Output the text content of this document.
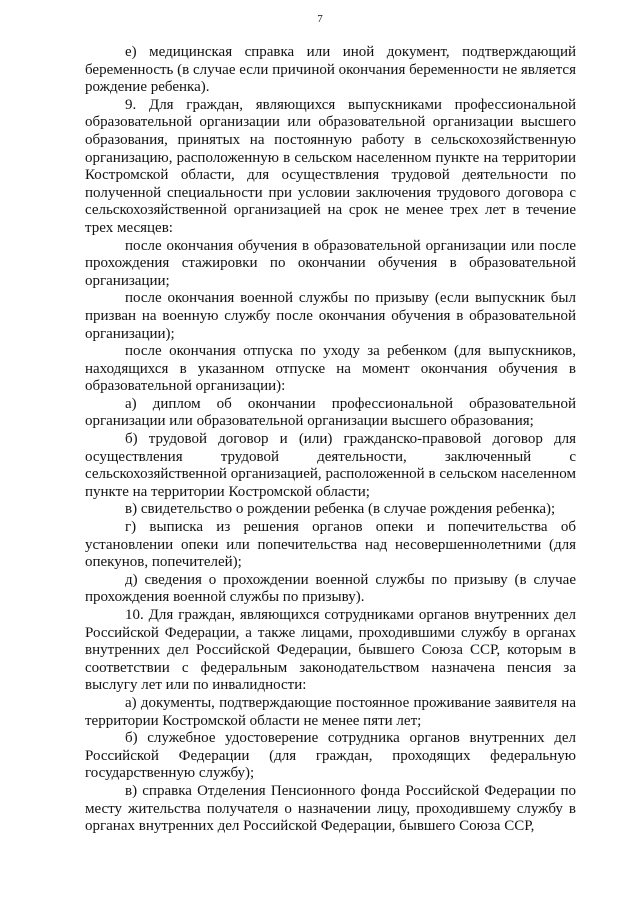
7

е) медицинская справка или иной документ, подтверждающий беременность (в случае если причиной окончания беременности не является рождение ребенка).

9. Для граждан, являющихся выпускниками профессиональной образовательной организации или образовательной организации высшего образования, принятых на постоянную работу в сельскохозяйственную организацию, расположенную в сельском населенном пункте на территории Костромской области, для осуществления трудовой деятельности по полученной специальности при условии заключения трудового договора с сельскохозяйственной организацией на срок не менее трех лет в течение трех месяцев:

после окончания обучения в образовательной организации или после прохождения стажировки по окончании обучения в образовательной организации;

после окончания военной службы по призыву (если выпускник был призван на военную службу после окончания обучения в образовательной организации);

после окончания отпуска по уходу за ребенком (для выпускников, находящихся в указанном отпуске на момент окончания обучения в образовательной организации):

а) диплом об окончании профессиональной образовательной организации или образовательной организации высшего образования;

б) трудовой договор и (или) гражданско-правовой договор для осуществления трудовой деятельности, заключенный с сельскохозяйственной организацией, расположенной в сельском населенном пункте на территории Костромской области;

в) свидетельство о рождении ребенка (в случае рождения ребенка);

г) выписка из решения органов опеки и попечительства об установлении опеки или попечительства над несовершеннолетними (для опекунов, попечителей);

д) сведения о прохождении военной службы по призыву (в случае прохождения военной службы по призыву).

10. Для граждан, являющихся сотрудниками органов внутренних дел Российской Федерации, а также лицами, проходившими службу в органах внутренних дел Российской Федерации, бывшего Союза ССР, которым в соответствии с федеральным законодательством назначена пенсия за выслугу лет или по инвалидности:

а) документы, подтверждающие постоянное проживание заявителя на территории Костромской области не менее пяти лет;

б) служебное удостоверение сотрудника органов внутренних дел Российской Федерации (для граждан, проходящих федеральную государственную службу);

в) справка Отделения Пенсионного фонда Российской Федерации по месту жительства получателя о назначении лицу, проходившему службу в органах внутренних дел Российской Федерации, бывшего Союза ССР,
